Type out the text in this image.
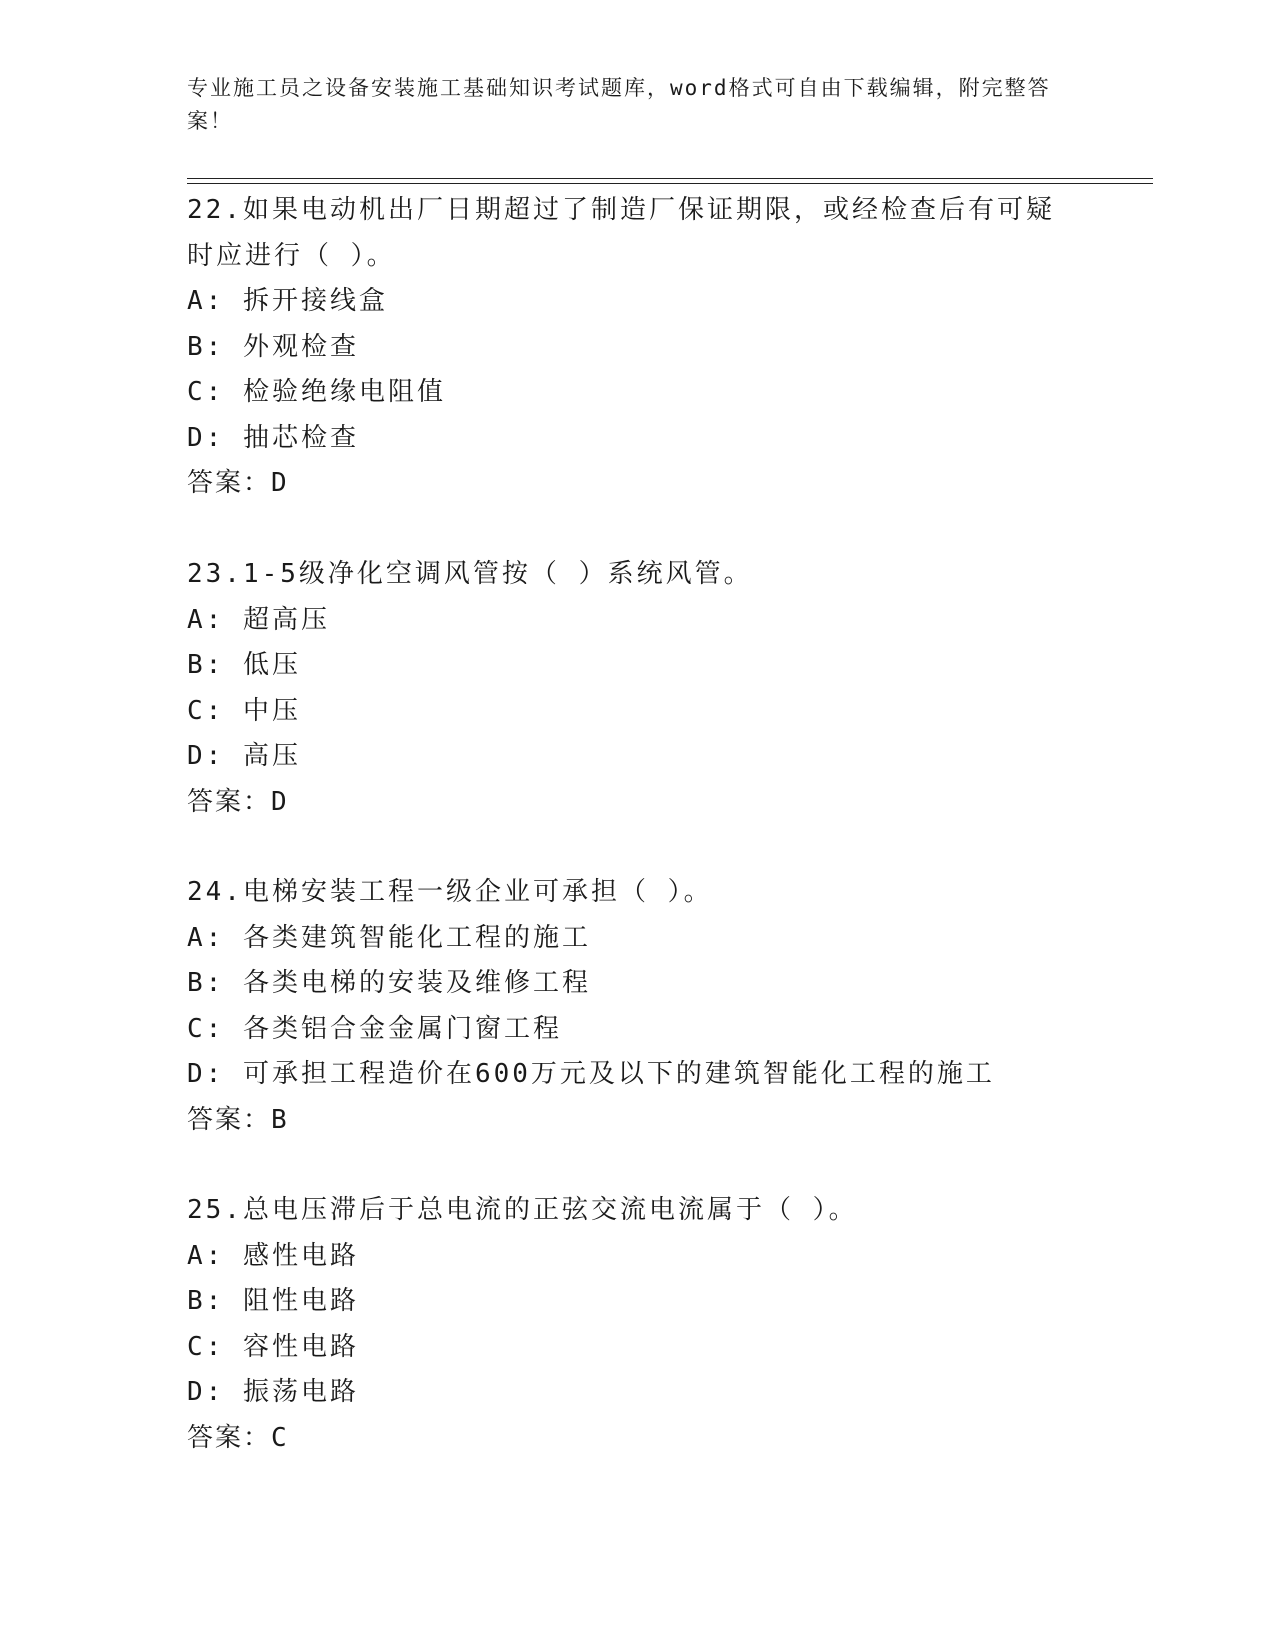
专业施工员之设备安装施工基础知识考试题库，word格式可自由下载编辑，附完整答案！
22.如果电动机出厂日期超过了制造厂保证期限，或经检查后有可疑时应进行（ ）。
A: 拆开接线盒
B: 外观检查
C: 检验绝缘电阻值
D: 抽芯检查
答案：D
23.1-5级净化空调风管按（ ）系统风管。
A: 超高压
B: 低压
C: 中压
D: 高压
答案：D
24.电梯安装工程一级企业可承担（ ）。
A: 各类建筑智能化工程的施工
B: 各类电梯的安装及维修工程
C: 各类铝合金金属门窗工程
D: 可承担工程造价在600万元及以下的建筑智能化工程的施工
答案：B
25.总电压滞后于总电流的正弦交流电流属于（ ）。
A: 感性电路
B: 阻性电路
C: 容性电路
D: 振荡电路
答案：C
